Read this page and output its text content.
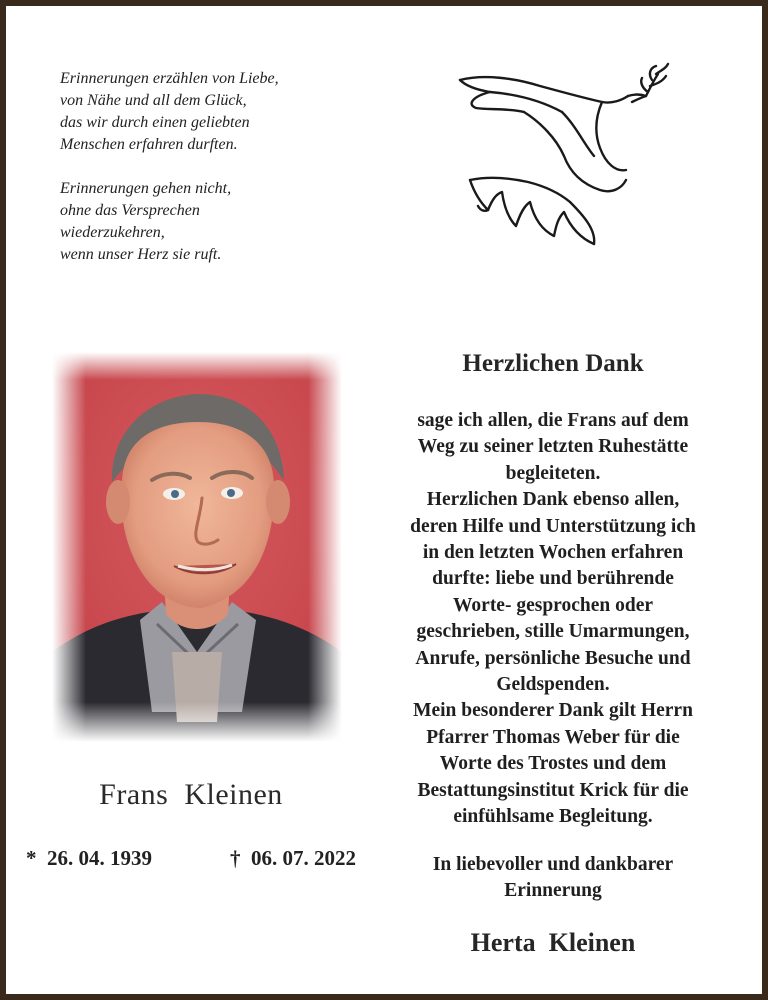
Erinnerungen erzählen von Liebe,
von Nähe und all dem Glück,
das wir durch einen geliebten
Menschen erfahren durften.
Erinnerungen gehen nicht,
ohne das Versprechen
wiederzukehren,
wenn unser Herz sie ruft.
Frans  Kleinen
*  26. 04. 1939	†  06. 07. 2022
Herzlichen Dank
sage ich allen, die Frans auf dem
Weg zu seiner letzten Ruhestätte
begleiteten.
Herzlichen Dank ebenso allen,
deren Hilfe und Unterstützung ich
in den letzten Wochen erfahren
durfte: liebe und berührende
Worte- gesprochen oder
geschrieben, stille Umarmungen,
Anrufe, persönliche Besuche und
Geldspenden.
Mein besonderer Dank gilt Herrn
Pfarrer Thomas Weber für die
Worte des Trostes und dem
Bestattungsinstitut Krick für die
einfühlsame Begleitung.
In liebevoller und dankbarer
Erinnerung
Herta  Kleinen
